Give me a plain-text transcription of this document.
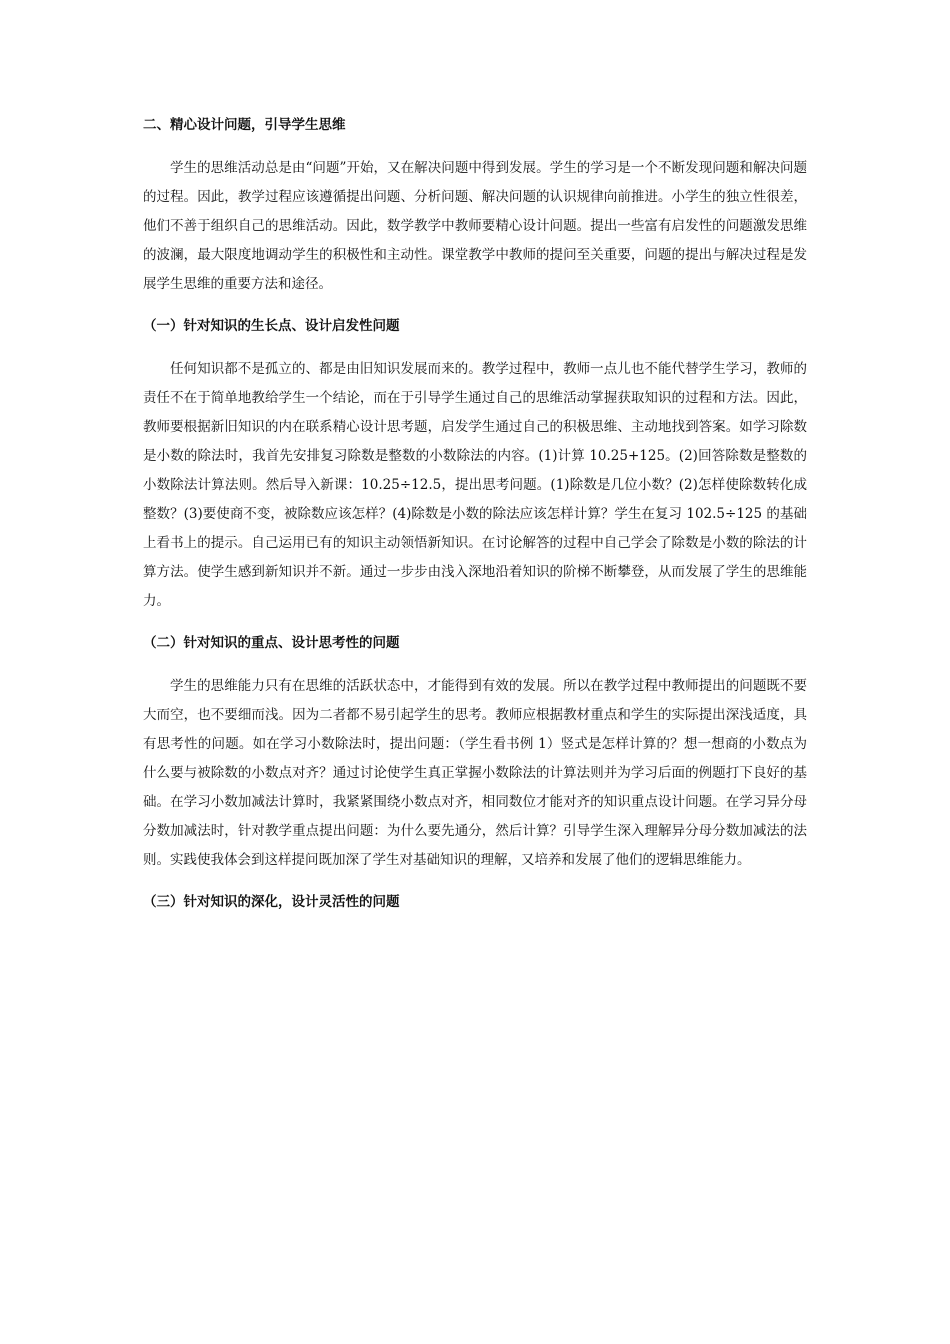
二、精心设计问题，引导学生思维

学生的思维活动总是由“问题”开始，又在解决问题中得到发展。学生的学习是一个不断发现问题和解决问题的过程。因此，教学过程应该遵循提出问题、分析问题、解决问题的认识规律向前推进。小学生的独立性很差，他们不善于组织自己的思维活动。因此，数学教学中教师要精心设计问题。提出一些富有启发性的问题激发思维的波澜，最大限度地调动学生的积极性和主动性。课堂教学中教师的提问至关重要，问题的提出与解决过程是发展学生思维的重要方法和途径。

（一）针对知识的生长点、设计启发性问题

任何知识都不是孤立的、都是由旧知识发展而来的。教学过程中，教师一点儿也不能代替学生学习，教师的责任不在于简单地教给学生一个结论，而在于引导学生通过自己的思维活动掌握获取知识的过程和方法。因此，教师要根据新旧知识的内在联系精心设计思考题，启发学生通过自己的积极思维、主动地找到答案。如学习除数是小数的除法时，我首先安排复习除数是整数的小数除法的内容。(1)计算 10.25+125。(2)回答除数是整数的小数除法计算法则。然后导入新课：10.25÷12.5，提出思考问题。(1)除数是几位小数？(2)怎样使除数转化成整数？(3)要使商不变，被除数应该怎样？(4)除数是小数的除法应该怎样计算？学生在复习 102.5÷125 的基础上看书上的提示。自己运用已有的知识主动领悟新知识。在讨论解答的过程中自己学会了除数是小数的除法的计算方法。使学生感到新知识并不新。通过一步步由浅入深地沿着知识的阶梯不断攀登，从而发展了学生的思维能力。

（二）针对知识的重点、设计思考性的问题

学生的思维能力只有在思维的活跃状态中，才能得到有效的发展。所以在教学过程中教师提出的问题既不要大而空，也不要细而浅。因为二者都不易引起学生的思考。教师应根据教材重点和学生的实际提出深浅适度，具有思考性的问题。如在学习小数除法时，提出问题：（学生看书例 1）竖式是怎样计算的？想一想商的小数点为什么要与被除数的小数点对齐？通过讨论使学生真正掌握小数除法的计算法则并为学习后面的例题打下良好的基础。在学习小数加减法计算时，我紧紧围绕小数点对齐，相同数位才能对齐的知识重点设计问题。在学习异分母分数加减法时，针对教学重点提出问题：为什么要先通分，然后计算？引导学生深入理解异分母分数加减法的法则。实践使我体会到这样提问既加深了学生对基础知识的理解，又培养和发展了他们的逻辑思维能力。

（三）针对知识的深化，设计灵活性的问题
